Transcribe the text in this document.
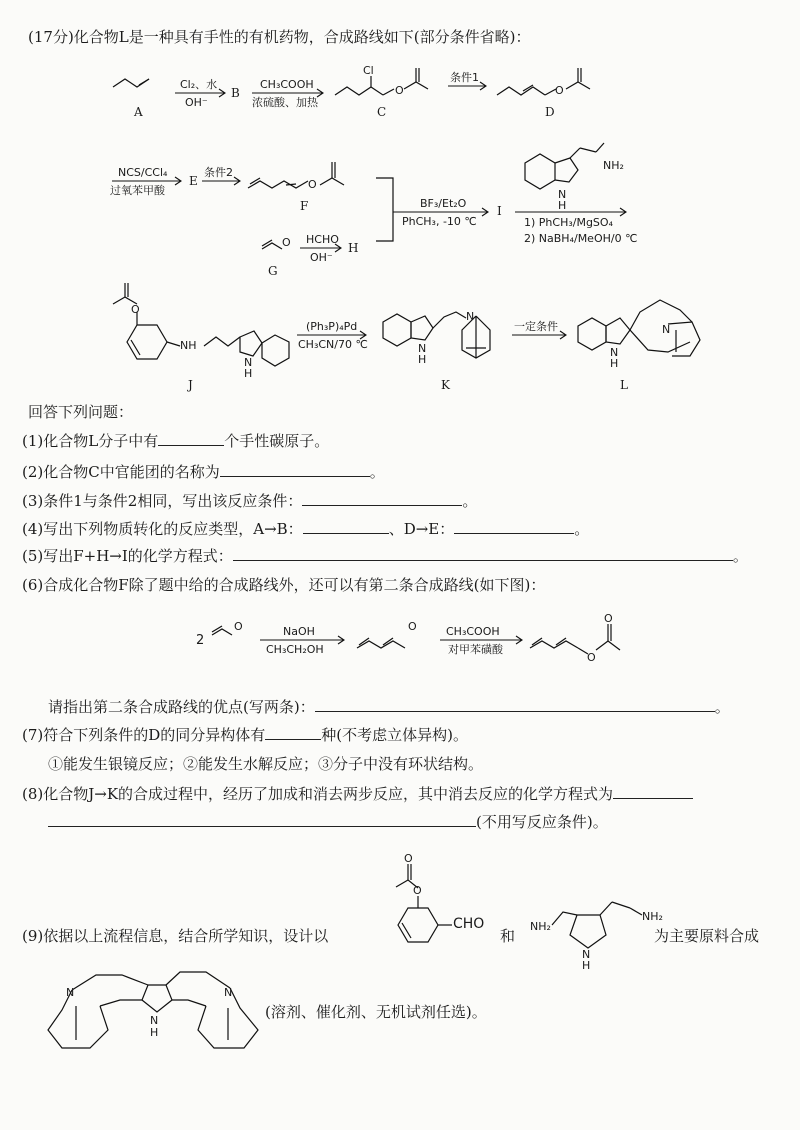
(17分)化合物L是一种具有手性的有机药物，合成路线如下(部分条件省略)：
Cl
O	O
O
O
NH₂
N
H
O
NH
N
H
N
N
H
N
H
N
O	O
O
O
O
O
CHO	NH₂
NH₂
N
H
N	N
N
H
A
B
C	D
E
F
G
H
I
J	K	L
Cl₂、水
OH⁻
CH₃COOH
浓硫酸、加热
条件1
NCS/CCl₄
过氧苯甲酸
条件2
BF₃/Et₂O
PhCH₃, -10 ℃
HCHO
OH⁻
1) PhCH₃/MgSO₄
2) NaBH₄/MeOH/0 ℃
(Ph₃P)₄Pd
CH₃CN/70 ℃
一定条件
2
NaOH
CH₃CH₂OH
CH₃COOH
对甲苯磺酸
回答下列问题：
(1)化合物L分子中有	个手性碳原子。
(2)化合物C中官能团的名称为	。
(3)条件1与条件2相同，写出该反应条件：	。
(4)写出下列物质转化的反应类型，A→B：	、D→E：	。
(5)写出F+H→I的化学方程式：	。
(6)合成化合物F除了题中给的合成路线外，还可以有第二条合成路线(如下图)：
请指出第二条合成路线的优点(写两条)：	。
(7)符合下列条件的D的同分异构体有	种(不考虑立体异构)。
①能发生银镜反应；②能发生水解反应；③分子中没有环状结构。
(8)化合物J→K的合成过程中，经历了加成和消去两步反应，其中消去反应的化学方程式为
(不用写反应条件)。
(9)依据以上流程信息，结合所学知识，设计以	和	为主要原料合成
(溶剂、催化剂、无机试剂任选)。
